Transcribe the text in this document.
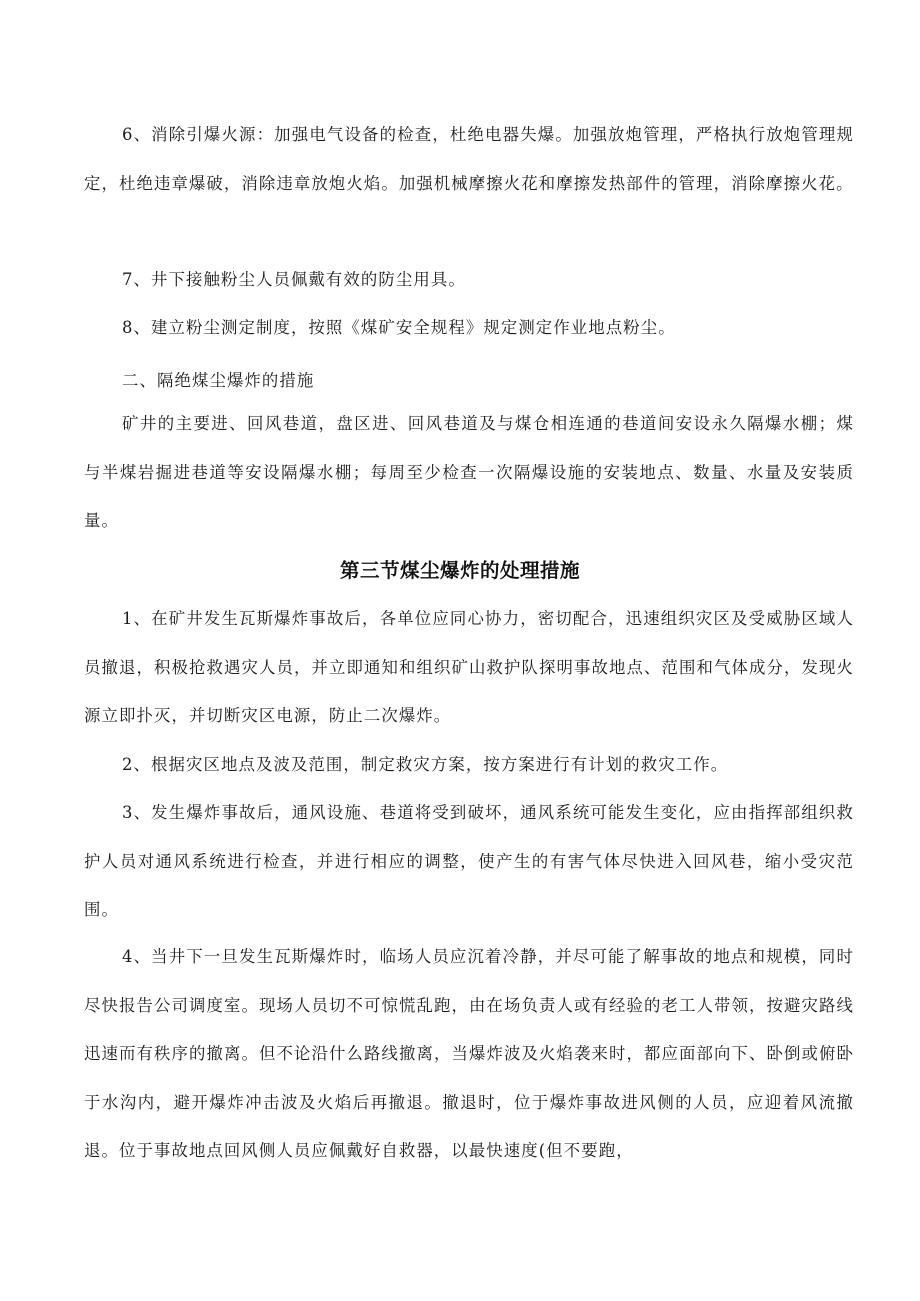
6、消除引爆火源：加强电气设备的检查，杜绝电器失爆。加强放炮管理，严格执行放炮管理规定，杜绝违章爆破，消除违章放炮火焰。加强机械摩擦火花和摩擦发热部件的管理，消除摩擦火花。

7、井下接触粉尘人员佩戴有效的防尘用具。

8、建立粉尘测定制度，按照《煤矿安全规程》规定测定作业地点粉尘。

二、隔绝煤尘爆炸的措施

矿井的主要进、回风巷道，盘区进、回风巷道及与煤仓相连通的巷道间安设永久隔爆水棚；煤与半煤岩掘进巷道等安设隔爆水棚；每周至少检查一次隔爆设施的安装地点、数量、水量及安装质量。

第三节煤尘爆炸的处理措施

1、在矿井发生瓦斯爆炸事故后，各单位应同心协力，密切配合，迅速组织灾区及受威胁区域人员撤退，积极抢救遇灾人员，并立即通知和组织矿山救护队探明事故地点、范围和气体成分，发现火源立即扑灭，并切断灾区电源，防止二次爆炸。

2、根据灾区地点及波及范围，制定救灾方案，按方案进行有计划的救灾工作。

3、发生爆炸事故后，通风设施、巷道将受到破坏，通风系统可能发生变化，应由指挥部组织救护人员对通风系统进行检查，并进行相应的调整，使产生的有害气体尽快进入回风巷，缩小受灾范围。

4、当井下一旦发生瓦斯爆炸时，临场人员应沉着冷静，并尽可能了解事故的地点和规模，同时尽快报告公司调度室。现场人员切不可惊慌乱跑，由在场负责人或有经验的老工人带领，按避灾路线迅速而有秩序的撤离。但不论沿什么路线撤离，当爆炸波及火焰袭来时，都应面部向下、卧倒或俯卧于水沟内，避开爆炸冲击波及火焰后再撤退。撤退时，位于爆炸事故进风侧的人员，应迎着风流撤退。位于事故地点回风侧人员应佩戴好自救器，以最快速度(但不要跑，
